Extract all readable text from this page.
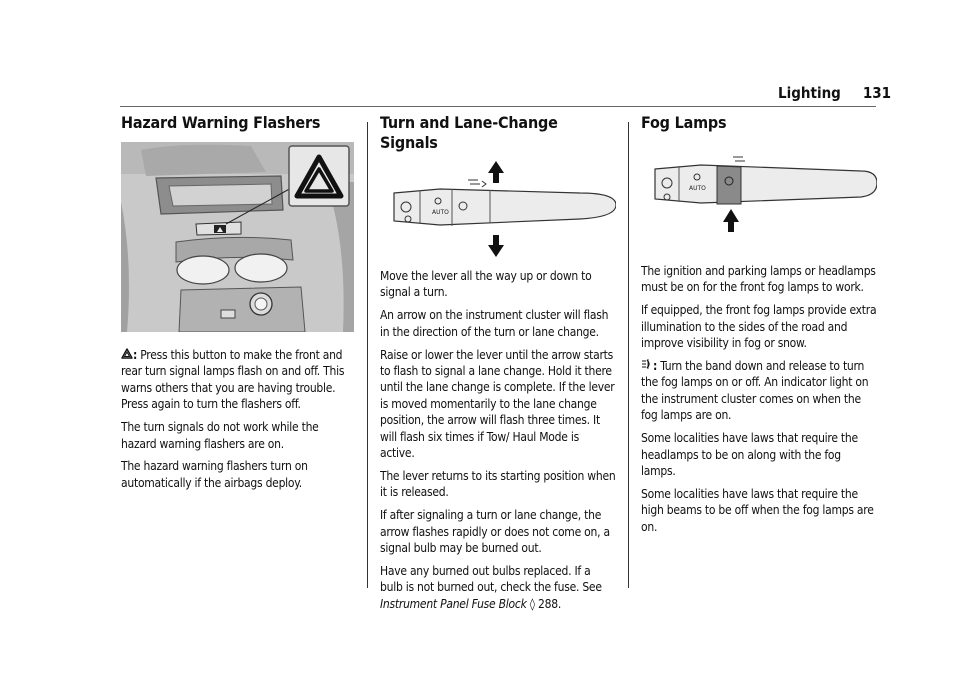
Lighting 131
Hazard Warning Flashers

: Press this button to make the front and rear turn signal lamps flash on and off. This warns others that you are having trouble. Press again to turn the flashers off.

The turn signals do not work while the hazard warning flashers are on.

The hazard warning flashers turn on automatically if the airbags deploy.

Turn and Lane-Change Signals
AUTO

Move the lever all the way up or down to signal a turn.

An arrow on the instrument cluster will flash in the direction of the turn or lane change.

Raise or lower the lever until the arrow starts to flash to signal a lane change. Hold it there until the lane change is complete. If the lever is moved momentarily to the lane change position, the arrow will flash three times. It will flash six times if Tow/ Haul Mode is active.

The lever returns to its starting position when it is released.

If after signaling a turn or lane change, the arrow flashes rapidly or does not come on, a signal bulb may be burned out.

Have any burned out bulbs replaced. If a bulb is not burned out, check the fuse. See Instrument Panel Fuse Block ◊ 288.

Fog Lamps
AUTO

The ignition and parking lamps or headlamps must be on for the front fog lamps to work.

If equipped, the front fog lamps provide extra illumination to the sides of the road and improve visibility in fog or snow.

: Turn the band down and release to turn the fog lamps on or off. An indicator light on the instrument cluster comes on when the fog lamps are on.

Some localities have laws that require the headlamps to be on along with the fog lamps.

Some localities have laws that require the high beams to be off when the fog lamps are on.
